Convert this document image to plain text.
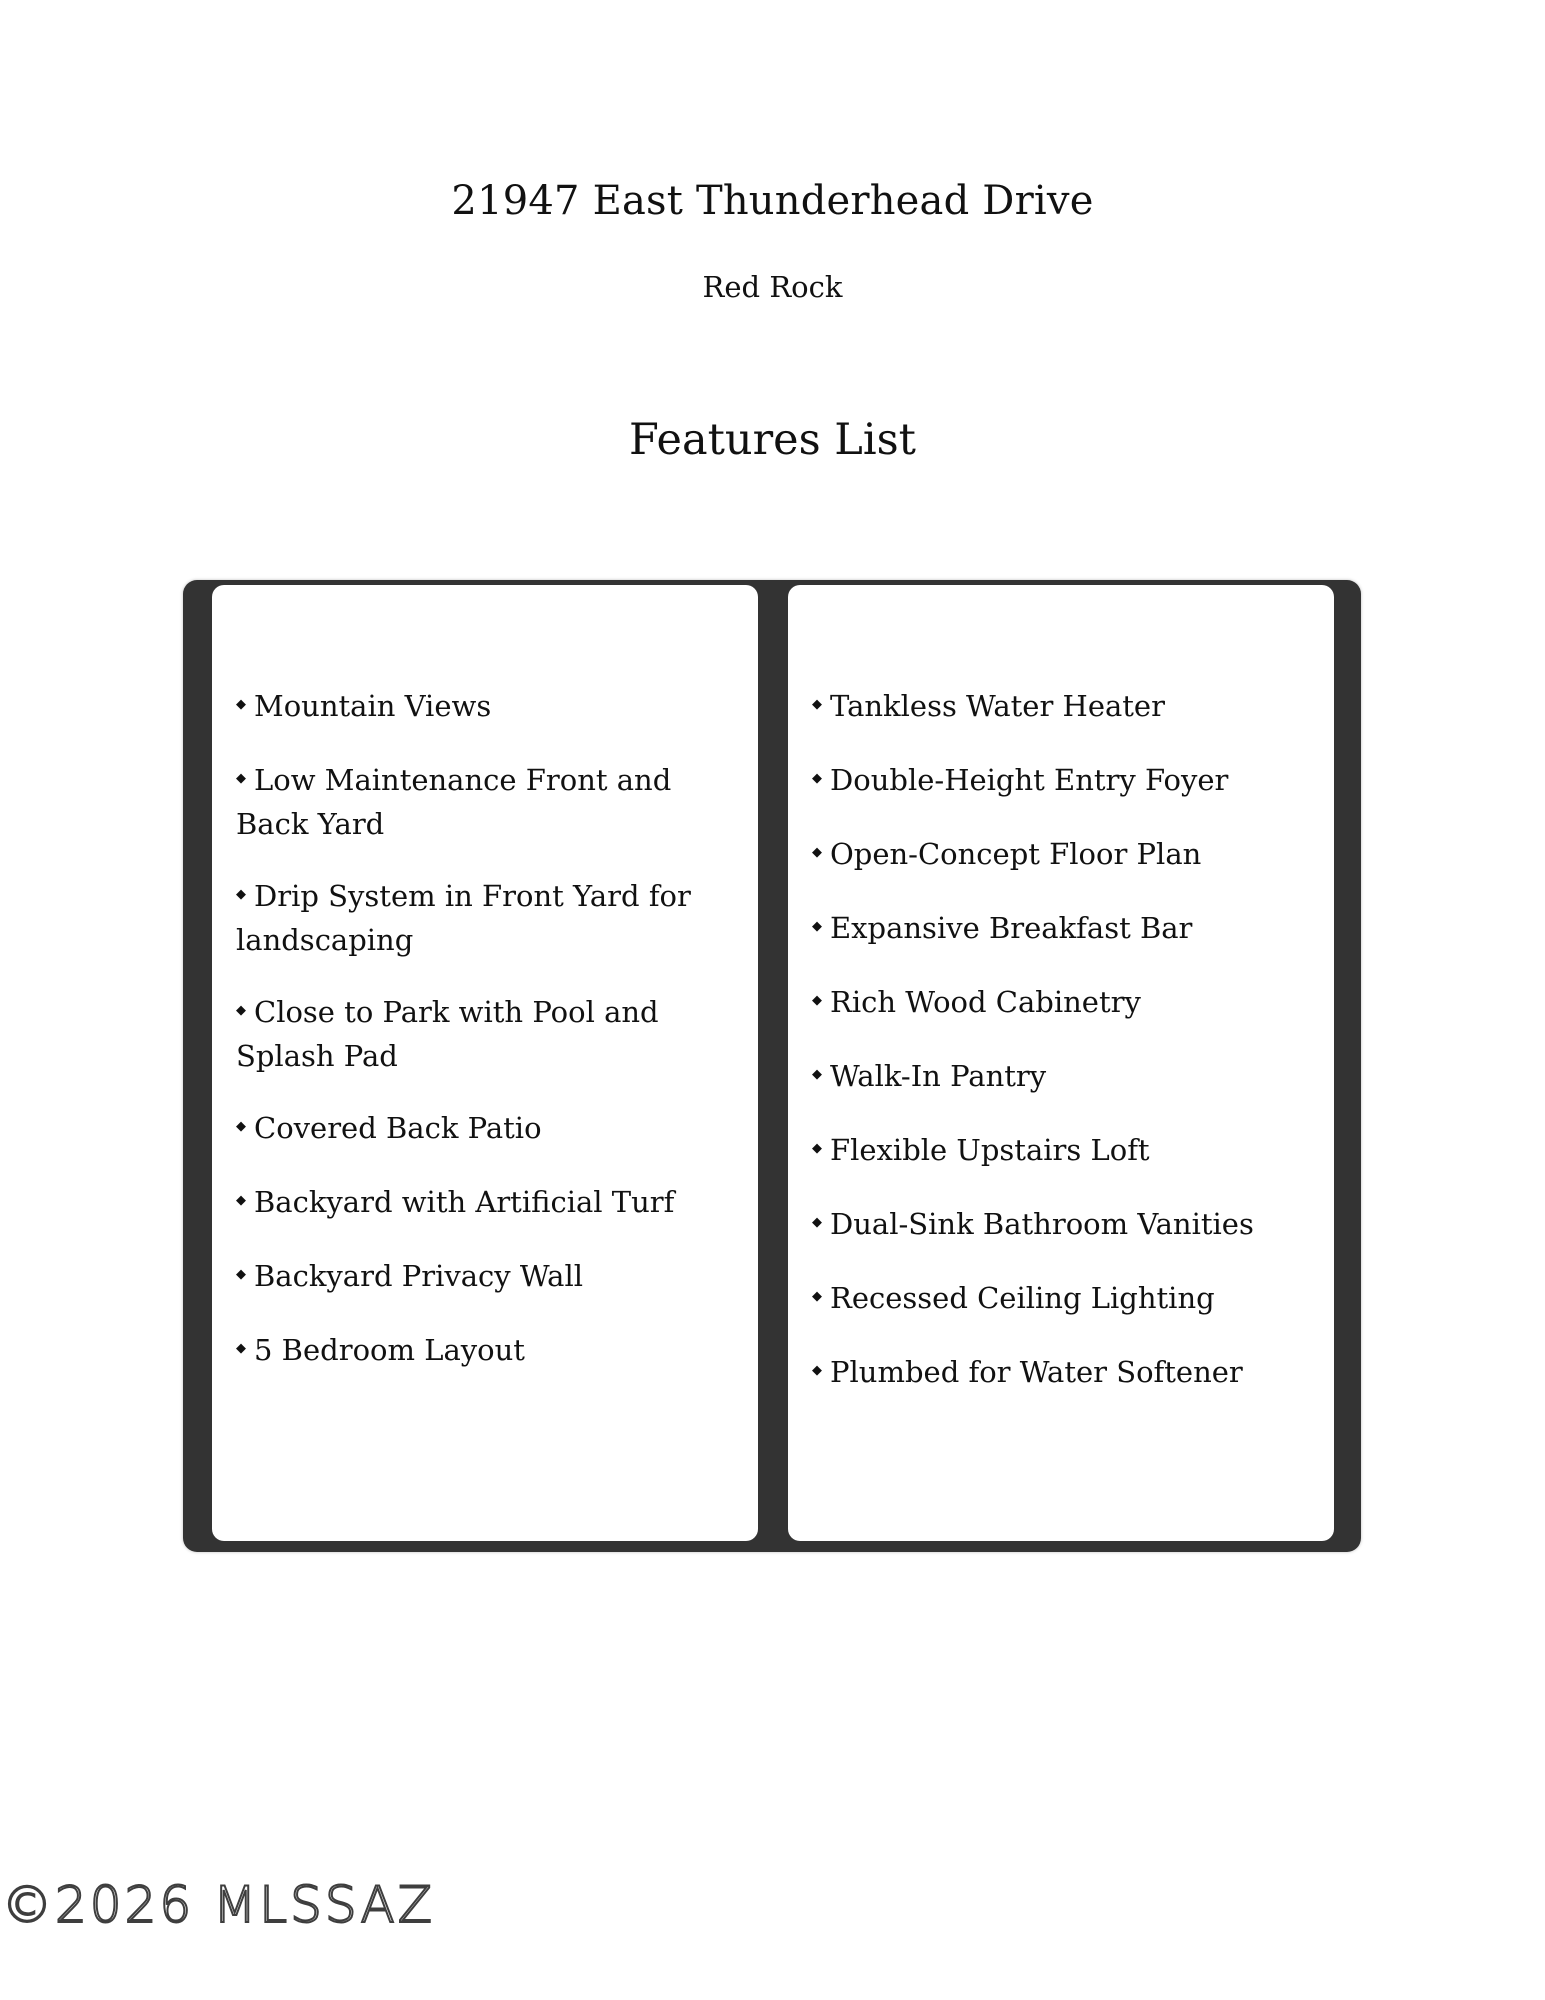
21947 East Thunderhead Drive
Red Rock
Features List
◆ Mountain Views
◆ Low Maintenance Front and Back Yard
◆ Drip System in Front Yard for landscaping
◆ Close to Park with Pool and Splash Pad
◆ Covered Back Patio
◆ Backyard with Artificial Turf
◆ Backyard Privacy Wall
◆ 5 Bedroom Layout
◆ Tankless Water Heater
◆ Double-Height Entry Foyer
◆ Open-Concept Floor Plan
◆ Expansive Breakfast Bar
◆ Rich Wood Cabinetry
◆ Walk-In Pantry
◆ Flexible Upstairs Loft
◆ Dual-Sink Bathroom Vanities
◆ Recessed Ceiling Lighting
◆ Plumbed for Water Softener
©2026 MLSSAZ
